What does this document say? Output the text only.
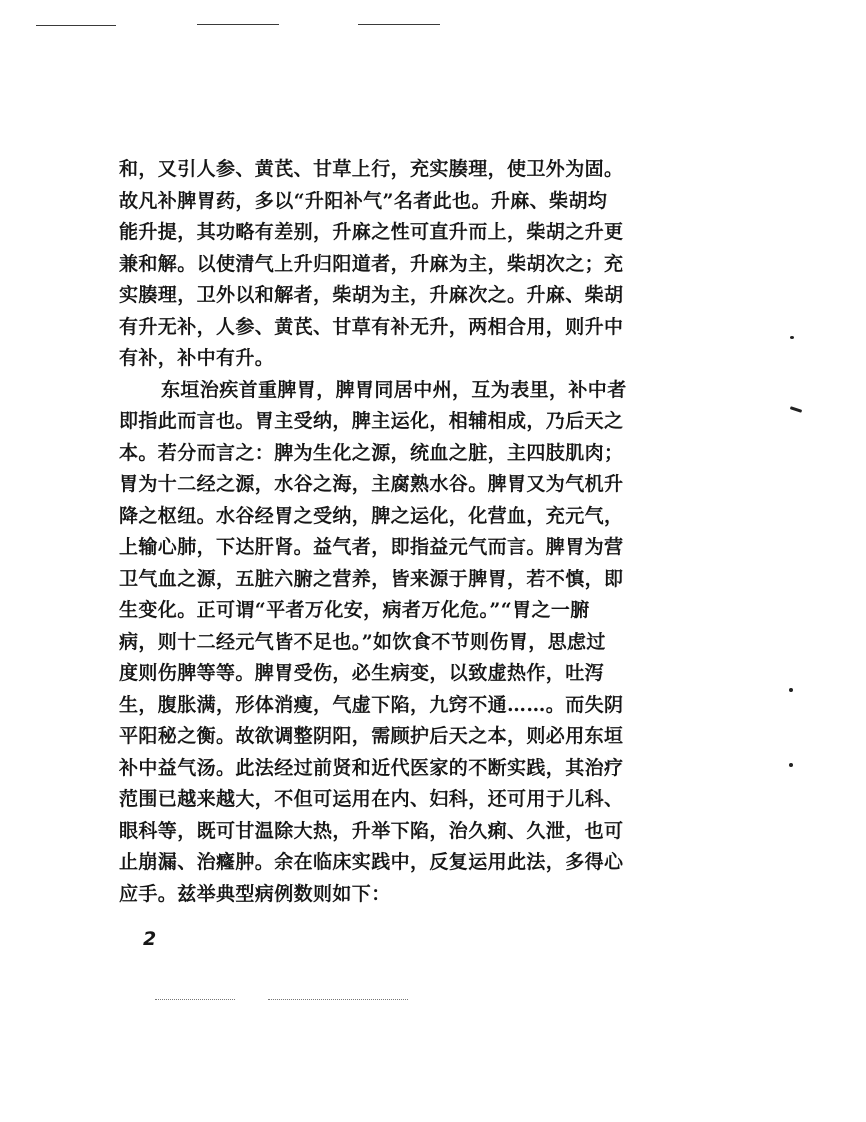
和，又引人参、黄芪、甘草上行，充实腠理，使卫外为固。
故凡补脾胃药，多以“升阳补气”名者此也。升麻、柴胡均
能升提，其功略有差别，升麻之性可直升而上，柴胡之升更
兼和解。以使清气上升归阳道者，升麻为主，柴胡次之；充
实腠理，卫外以和解者，柴胡为主，升麻次之。升麻、柴胡
有升无补，人参、黄芪、甘草有补无升，两相合用，则升中
有补，补中有升。
东垣治疾首重脾胃，脾胃同居中州，互为表里，补中者
即指此而言也。胃主受纳，脾主运化，相辅相成，乃后天之
本。若分而言之：脾为生化之源，统血之脏，主四肢肌肉；
胃为十二经之源，水谷之海，主腐熟水谷。脾胃又为气机升
降之枢纽。水谷经胃之受纳，脾之运化，化营血，充元气，
上输心肺，下达肝肾。益气者，即指益元气而言。脾胃为营
卫气血之源，五脏六腑之营养，皆来源于脾胃，若不慎，即
生变化。正可谓“平者万化安，病者万化危。”“胃之一腑
病，则十二经元气皆不足也。”如饮食不节则伤胃，思虑过
度则伤脾等等。脾胃受伤，必生病变，以致虚热作，吐泻
生，腹胀满，形体消瘦，气虚下陷，九窍不通……。而失阴
平阳秘之衡。故欲调整阴阳，需顾护后天之本，则必用东垣
补中益气汤。此法经过前贤和近代医家的不断实践，其治疗
范围已越来越大，不但可运用在内、妇科，还可用于儿科、
眼科等，既可甘温除大热，升举下陷，治久痢、久泄，也可
止崩漏、治癃肿。余在临床实践中，反复运用此法，多得心
应手。兹举典型病例数则如下：
2
